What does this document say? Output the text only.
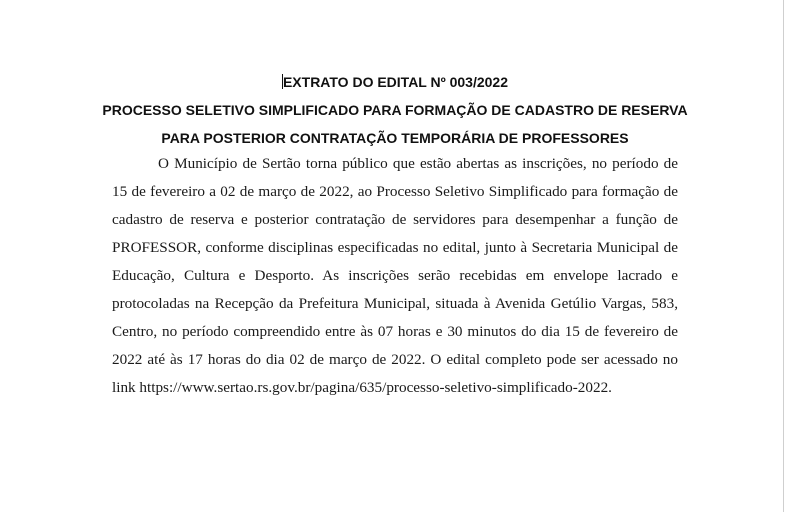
EXTRATO DO EDITAL Nº 003/2022
PROCESSO SELETIVO SIMPLIFICADO PARA FORMAÇÃO DE CADASTRO DE RESERVA
PARA POSTERIOR CONTRATAÇÃO TEMPORÁRIA DE PROFESSORES

O Município de Sertão torna público que estão abertas as inscrições, no período de 15 de fevereiro a 02 de março de 2022, ao Processo Seletivo Simplificado para formação de cadastro de reserva e posterior contratação de servidores para desempenhar a função de PROFESSOR, conforme disciplinas especificadas no edital, junto à Secretaria Municipal de Educação, Cultura e Desporto. As inscrições serão recebidas em envelope lacrado e protocoladas na Recepção da Prefeitura Municipal, situada à Avenida Getúlio Vargas, 583, Centro, no período compreendido entre às 07 horas e 30 minutos do dia 15 de fevereiro de 2022 até às 17 horas do dia 02 de março de 2022. O edital completo pode ser acessado no link https://www.sertao.rs.gov.br/pagina/635/processo-seletivo-simplificado-2022.
